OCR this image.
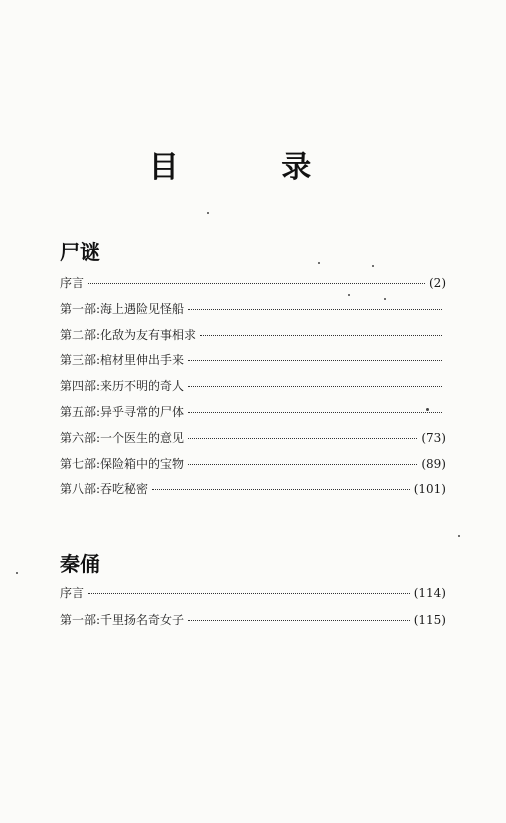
目 录
尸谜
序言	(2)
第一部:海上遇险见怪船
第二部:化敌为友有事相求
第三部:棺材里伸出手来
第四部:来历不明的奇人
第五部:异乎寻常的尸体
第六部:一个医生的意见	(73)
第七部:保险箱中的宝物	(89)
第八部:吞吃秘密	(101)
秦俑
序言	(114)
第一部:千里扬名奇女子	(115)
